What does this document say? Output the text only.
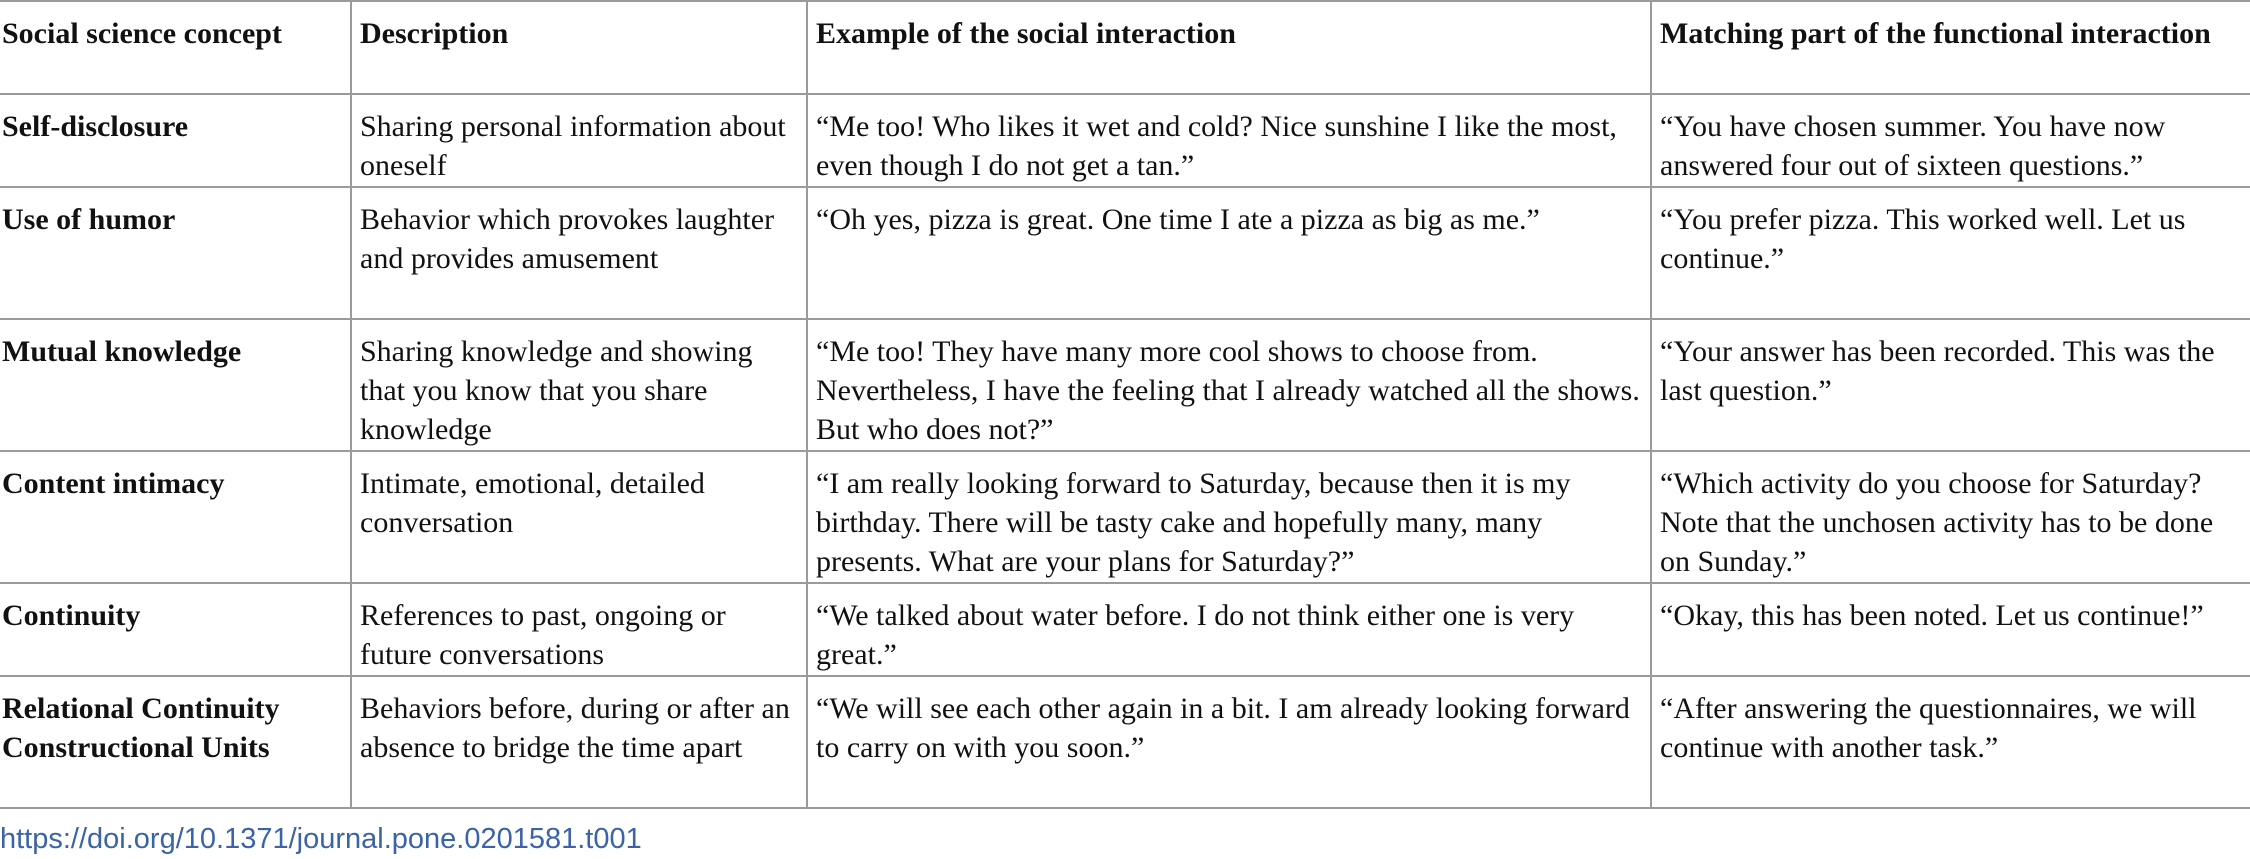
Social science concept	Description	Example of the social interaction	Matching part of the functional interaction
Self-disclosure	Sharing personal information about oneself	“Me too! Who likes it wet and cold? Nice sunshine I like the most, even though I do not get a tan.”	“You have chosen summer. You have now answered four out of sixteen questions.”
Use of humor	Behavior which provokes laughter and provides amusement	“Oh yes, pizza is great. One time I ate a pizza as big as me.”	“You prefer pizza. This worked well. Let us continue.”
Mutual knowledge	Sharing knowledge and showing that you know that you share knowledge	“Me too! They have many more cool shows to choose from. Nevertheless, I have the feeling that I already watched all the shows. But who does not?”	“Your answer has been recorded. This was the last question.”
Content intimacy	Intimate, emotional, detailed conversation	“I am really looking forward to Saturday, because then it is my birthday. There will be tasty cake and hopefully many, many presents. What are your plans for Saturday?”	“Which activity do you choose for Saturday? Note that the unchosen activity has to be done on Sunday.”
Continuity	References to past, ongoing or future conversations	“We talked about water before. I do not think either one is very great.”	“Okay, this has been noted. Let us continue!”
Relational Continuity Constructional Units	Behaviors before, during or after an absence to bridge the time apart	“We will see each other again in a bit. I am already looking forward to carry on with you soon.”	“After answering the questionnaires, we will continue with another task.”
https://doi.org/10.1371/journal.pone.0201581.t001
